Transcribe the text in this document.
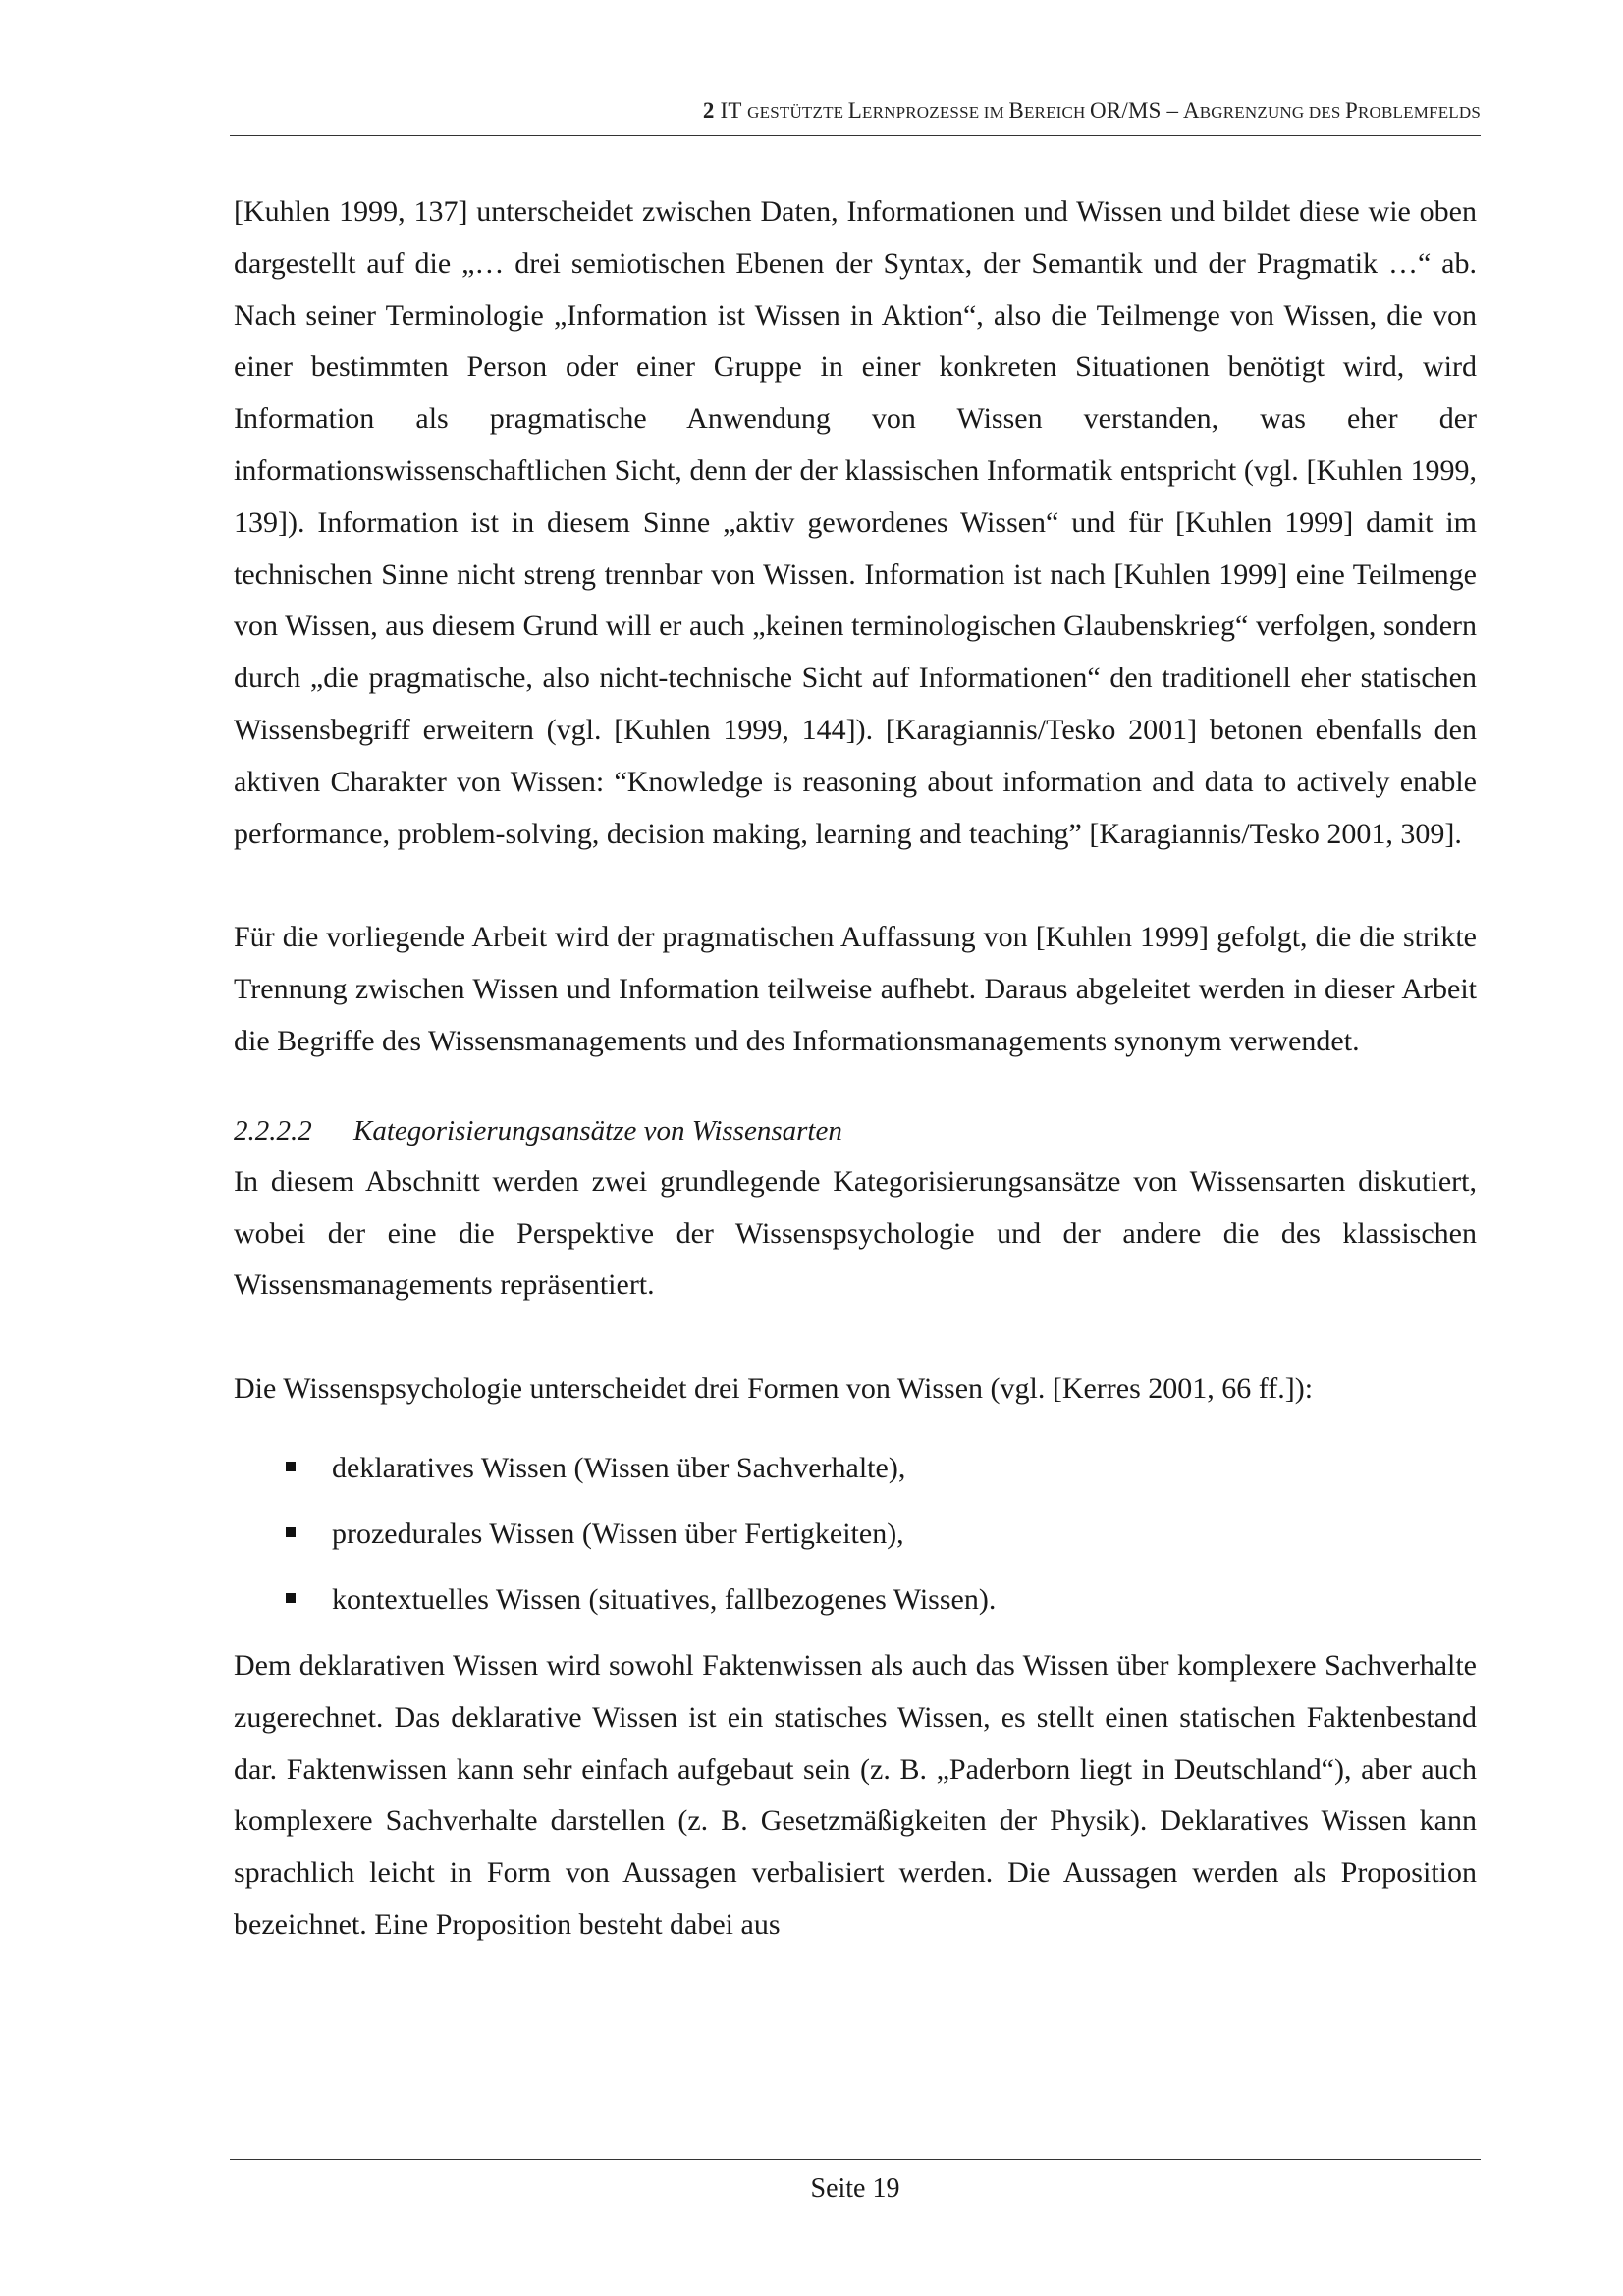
2 IT GESTÜTZTE LERNPROZESSE IM BEREICH OR/MS – ABGRENZUNG DES PROBLEMFELDS

[Kuhlen 1999, 137] unterscheidet zwischen Daten, Informationen und Wissen und bildet diese wie oben dargestellt auf die „… drei semiotischen Ebenen der Syntax, der Semantik und der Pragmatik …“ ab. Nach seiner Terminologie „Information ist Wissen in Aktion“, also die Teilmenge von Wissen, die von einer bestimmten Person oder einer Gruppe in einer konkreten Situationen benötigt wird, wird Information als pragmatische Anwendung von Wissen verstanden, was eher der informationswissenschaftlichen Sicht, denn der der klassischen Informatik entspricht (vgl. [Kuhlen 1999, 139]). Information ist in diesem Sinne „aktiv gewordenes Wissen“ und für [Kuhlen 1999] damit im technischen Sinne nicht streng trennbar von Wissen. Information ist nach [Kuhlen 1999] eine Teilmenge von Wissen, aus diesem Grund will er auch „keinen terminologischen Glaubenskrieg“ verfolgen, sondern durch „die pragmatische, also nicht-technische Sicht auf Informationen“ den traditionell eher statischen Wissensbegriff erweitern (vgl. [Kuhlen 1999, 144]). [Karagiannis/Tesko 2001] betonen ebenfalls den aktiven Charakter von Wissen: “Knowledge is reasoning about information and data to actively enable performance, problem-solving, decision making, learning and teaching” [Karagiannis/Tesko 2001, 309].

Für die vorliegende Arbeit wird der pragmatischen Auffassung von [Kuhlen 1999] gefolgt, die die strikte Trennung zwischen Wissen und Information teilweise aufhebt. Daraus abgeleitet werden in dieser Arbeit die Begriffe des Wissensmanagements und des Informationsmanagements synonym verwendet.

2.2.2.2	Kategorisierungsansätze von Wissensarten

In diesem Abschnitt werden zwei grundlegende Kategorisierungsansätze von Wissensarten diskutiert, wobei der eine die Perspektive der Wissenspsychologie und der andere die des klassischen Wissensmanagements repräsentiert.

Die Wissenspsychologie unterscheidet drei Formen von Wissen (vgl. [Kerres 2001, 66 ff.]):

deklaratives Wissen (Wissen über Sachverhalte),
prozedurales Wissen (Wissen über Fertigkeiten),
kontextuelles Wissen (situatives, fallbezogenes Wissen).

Dem deklarativen Wissen wird sowohl Faktenwissen als auch das Wissen über komplexere Sachverhalte zugerechnet. Das deklarative Wissen ist ein statisches Wissen, es stellt einen statischen Faktenbestand dar. Faktenwissen kann sehr einfach aufgebaut sein (z. B. „Paderborn liegt in Deutschland“), aber auch komplexere Sachverhalte darstellen (z. B. Gesetzmäßigkeiten der Physik). Deklaratives Wissen kann sprachlich leicht in Form von Aussagen verbalisiert werden. Die Aussagen werden als Proposition bezeichnet. Eine Proposition besteht dabei aus

Seite 19
